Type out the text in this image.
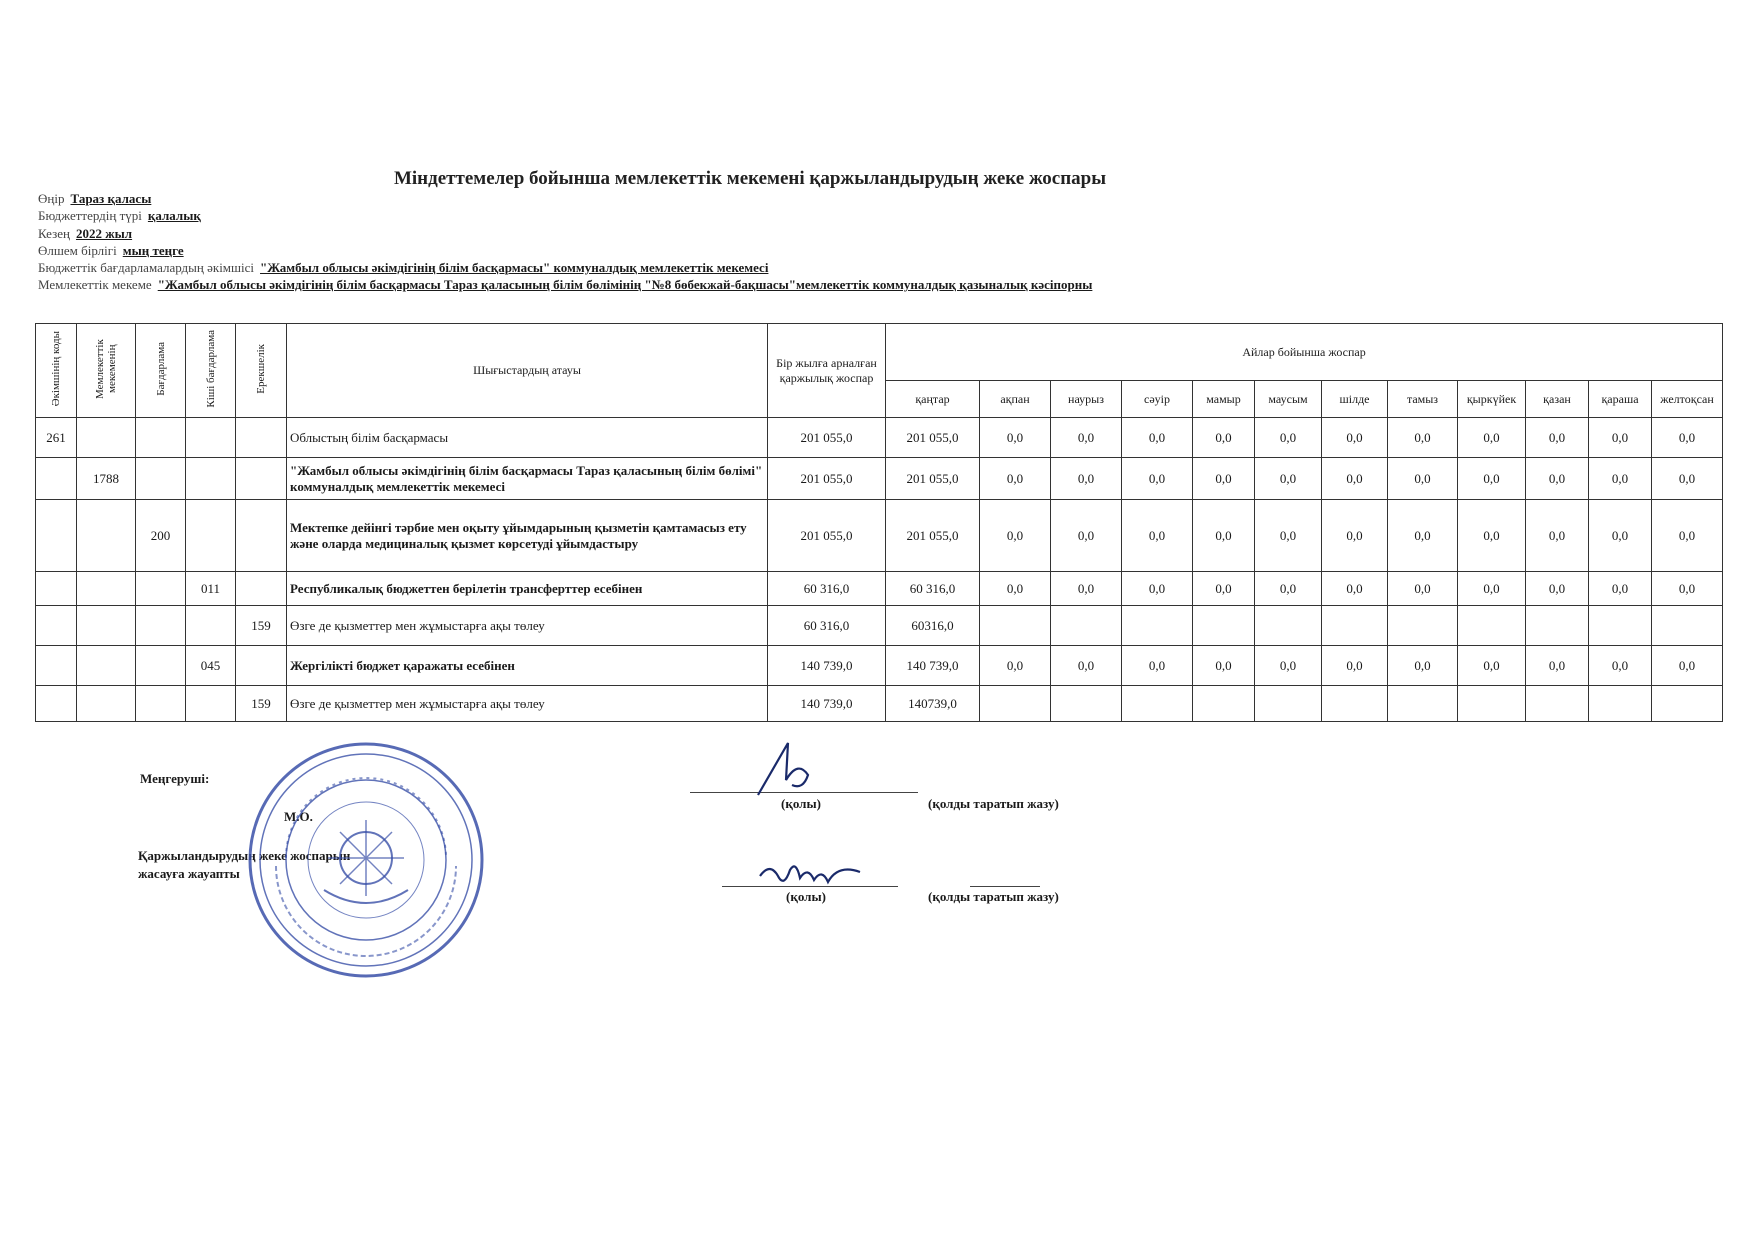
Міндеттемелер бойынша мемлекеттік мекемені қаржыландырудың жеке жоспары
Өңір Тараз қаласы
Бюджеттердің түрі қалалық
Кезең 2022 жыл
Өлшем бірлігі мың теңге
Бюджеттік бағдарламалардың әкімшісі "Жамбыл облысы әкімдігінің білім басқармасы" коммуналдық мемлекеттік мекемесі
Мемлекеттік мекеме "Жамбыл облысы әкімдігінің білім басқармасы Тараз қаласының білім бөлімінің "№8 бөбекжай-бақшасы"мемлекеттік коммуналдық қазыналық кәсіпорны
Әкімшінің коды	Мемлекеттік мекеменің	Бағдарлама	Кіші бағдарлама	Ерекшелік	Шығыстардың атауы	Бір жылға арналған қаржылық жоспар	Айлар бойынша жоспар											
							қаңтар	ақпан	наурыз	сәуір	мамыр	маусым	шілде	тамыз	қыркүйек	қазан	қараша	желтоқсан
261					Облыстың білім басқармасы	201 055,0	201 055,0	0,0	0,0	0,0	0,0	0,0	0,0	0,0	0,0	0,0	0,0	0,0
	1788				"Жамбыл облысы әкімдігінің білім басқармасы Тараз қаласының білім бөлімі" коммуналдық мемлекеттік мекемесі	201 055,0	201 055,0	0,0	0,0	0,0	0,0	0,0	0,0	0,0	0,0	0,0	0,0	0,0
		200			Мектепке дейінгі тәрбие мен оқыту ұйымдарының қызметін қамтамасыз ету және оларда медициналық қызмет көрсетуді ұйымдастыру	201 055,0	201 055,0	0,0	0,0	0,0	0,0	0,0	0,0	0,0	0,0	0,0	0,0	0,0
			011		Республикалық бюджеттен берілетін трансферттер есебінен	60 316,0	60 316,0	0,0	0,0	0,0	0,0	0,0	0,0	0,0	0,0	0,0	0,0	0,0
				159	Өзге де қызметтер мен жұмыстарға ақы төлеу	60 316,0	60316,0											
			045		Жергілікті бюджет қаражаты есебінен	140 739,0	140 739,0	0,0	0,0	0,0	0,0	0,0	0,0	0,0	0,0	0,0	0,0	0,0
				159	Өзге де қызметтер мен жұмыстарға ақы төлеу	140 739,0	140739,0											
Меңгеруші:
М.О.
Қаржыландырудың жеке жоспарын
жасауға жауапты
(қолы)	(қолды таратып жазу)
(қолы)	(қолды таратып жазу)
